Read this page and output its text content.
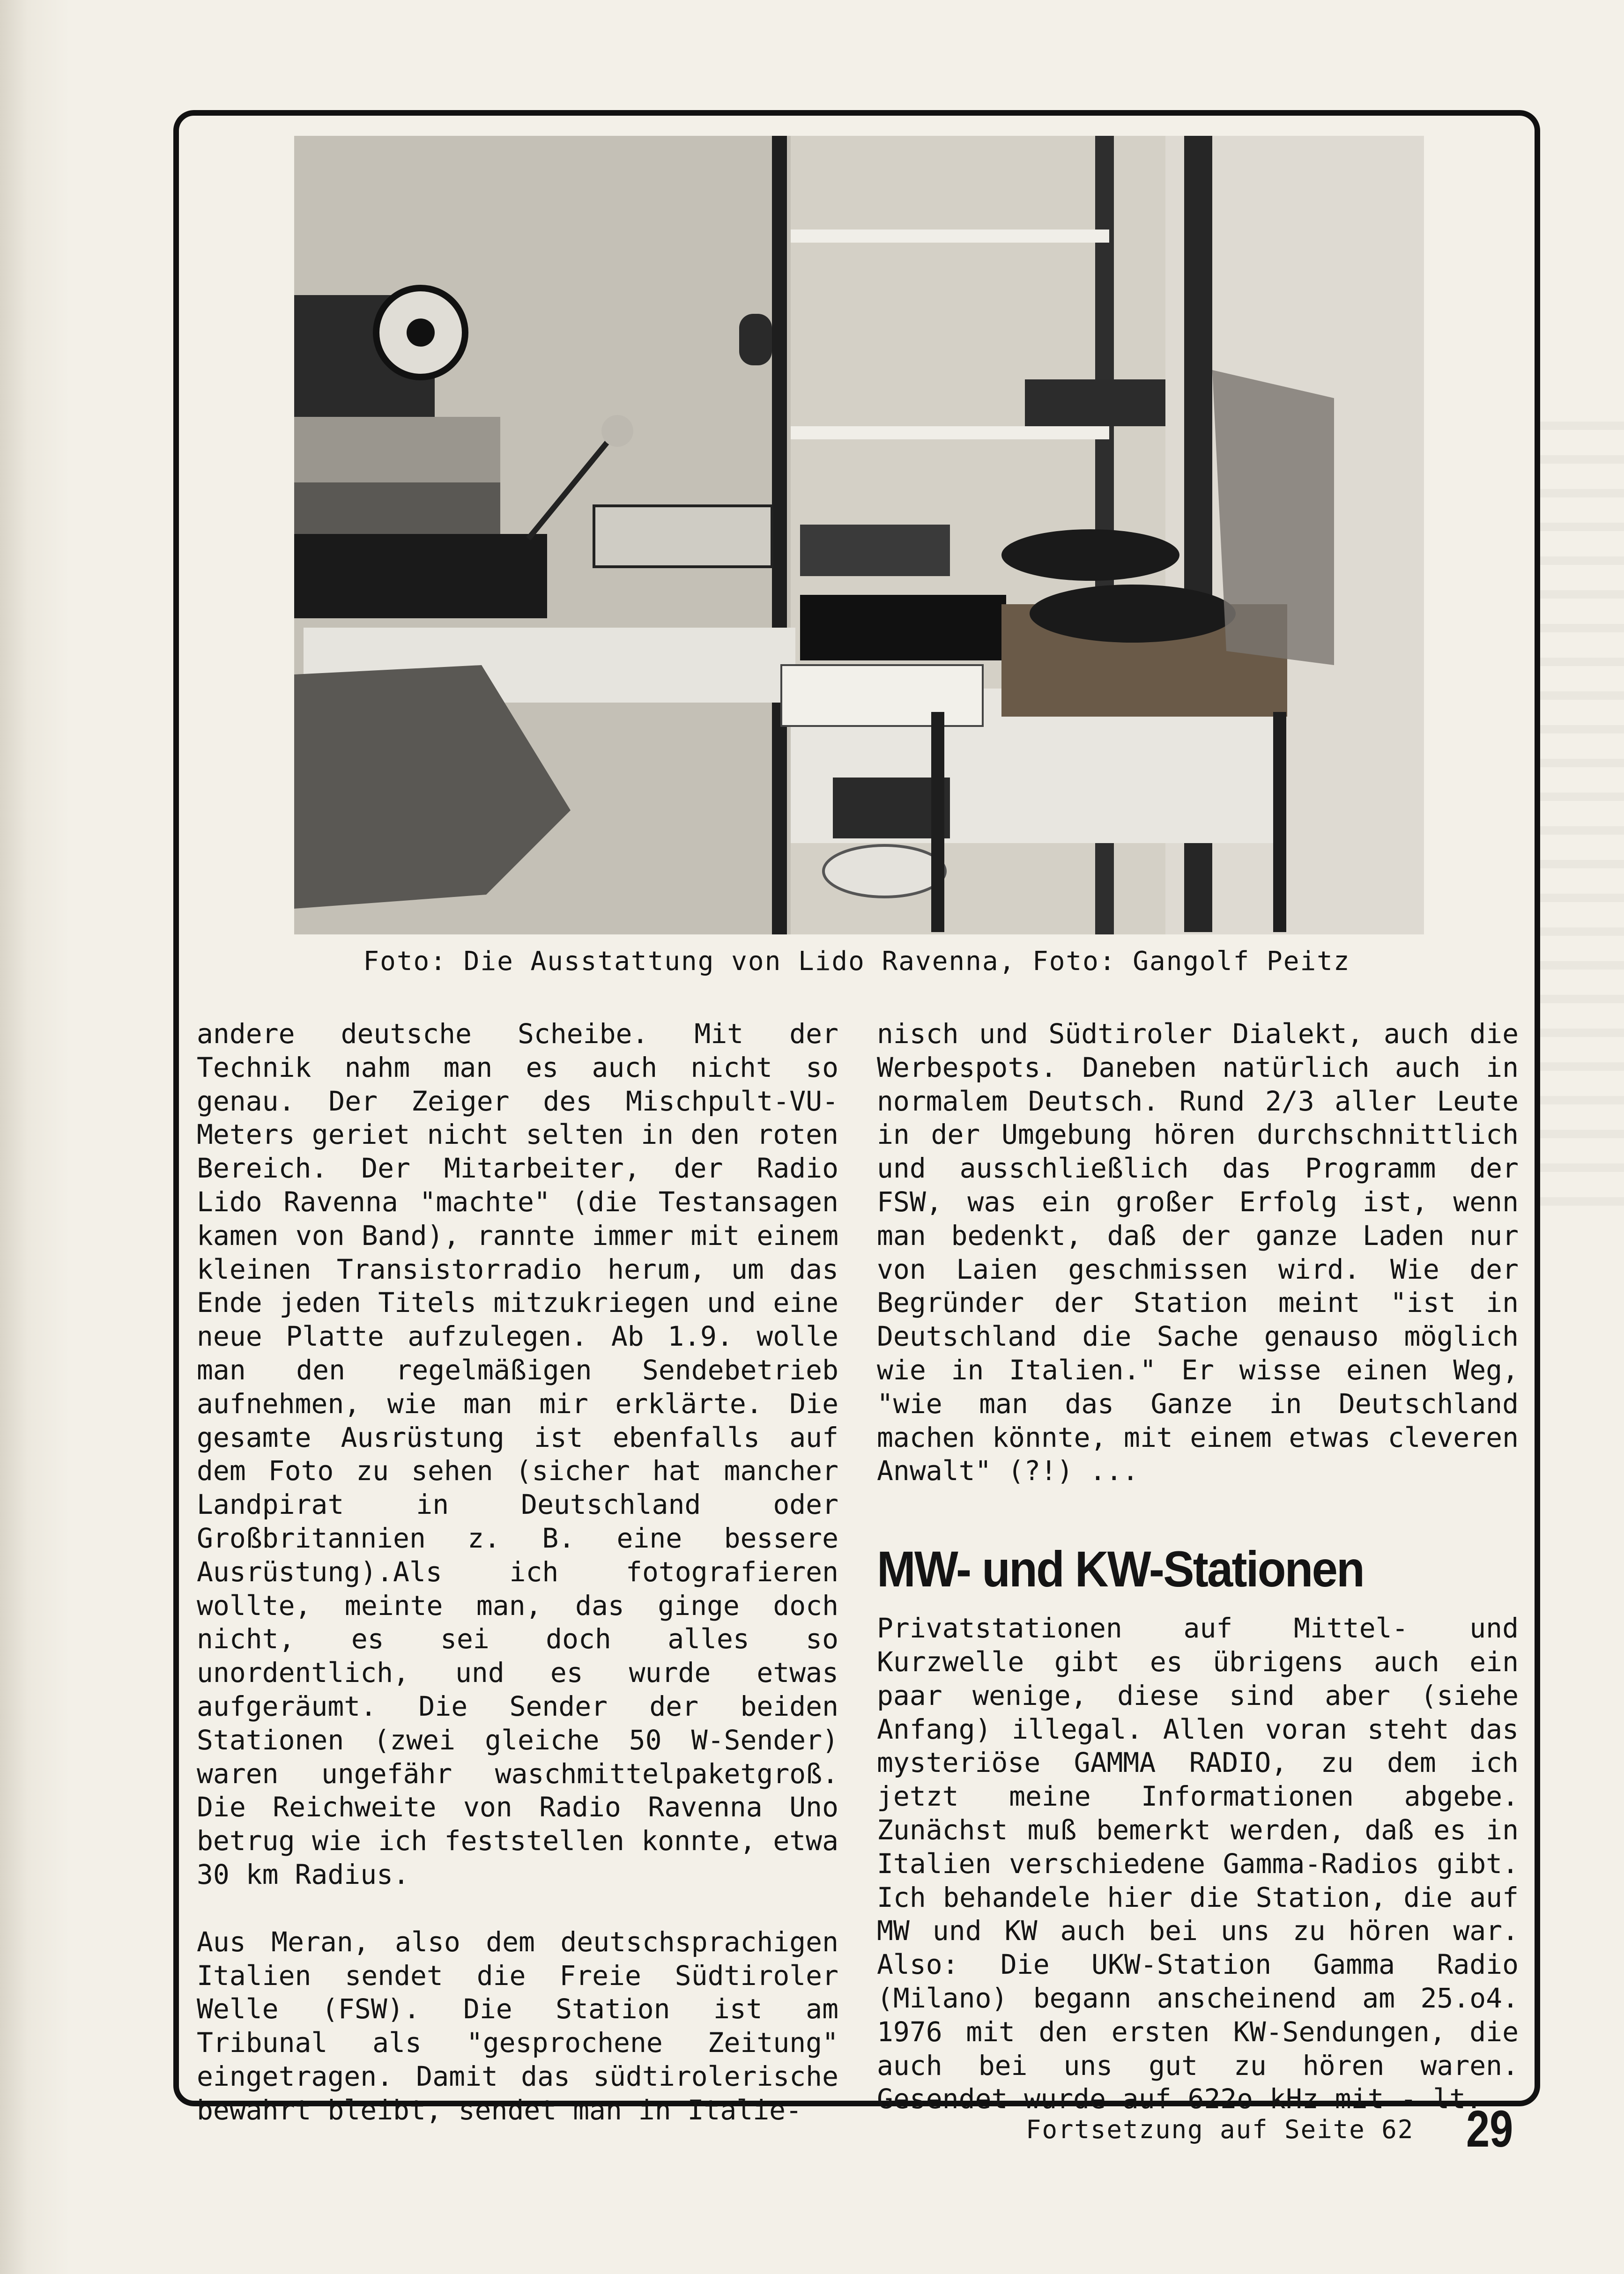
Foto: Die Ausstattung von Lido Ravenna, Foto: Gangolf Peitz

andere deutsche Scheibe. Mit der Technik nahm man es auch nicht so genau. Der Zeiger des Mischpult-VU-Meters geriet nicht selten in den roten Bereich. Der Mitarbeiter, der Radio Lido Ravenna "machte" (die Testansagen kamen von Band), rannte immer mit einem kleinen Transistorradio herum, um das Ende jeden Titels mitzukriegen und eine neue Platte aufzulegen. Ab 1.9. wolle man den regelmäßigen Sendebetrieb aufnehmen, wie man mir erklärte. Die gesamte Ausrüstung ist ebenfalls auf dem Foto zu sehen (sicher hat mancher Landpirat in Deutschland oder Großbritannien z. B. eine bessere Ausrüstung).Als ich fotografieren wollte, meinte man, das ginge doch nicht, es sei doch alles so unordentlich, und es wurde etwas aufgeräumt. Die Sender der beiden Stationen (zwei gleiche 50 W-Sender) waren ungefähr waschmittelpaketgroß. Die Reichweite von Radio Ravenna Uno betrug wie ich feststellen konnte, etwa 30 km Radius.

Aus Meran, also dem deutschsprachigen Italien sendet die Freie Südtiroler Welle (FSW). Die Station ist am Tribunal als "gesprochene Zeitung" eingetragen. Damit das südtirolerische bewahrt bleibt, sendet man in Italie-

nisch und Südtiroler Dialekt, auch die Werbespots. Daneben natürlich auch in normalem Deutsch. Rund 2/3 aller Leute in der Umgebung hören durchschnittlich und ausschließlich das Programm der FSW, was ein großer Erfolg ist, wenn man bedenkt, daß der ganze Laden nur von Laien geschmissen wird. Wie der Begründer der Station meint "ist in Deutschland die Sache genauso möglich wie in Italien." Er wisse einen Weg, "wie man das Ganze in Deutschland machen könnte, mit einem etwas cleveren Anwalt" (?!) ...

MW- und KW-Stationen

Privatstationen auf Mittel- und Kurzwelle gibt es übrigens auch ein paar wenige, diese sind aber (siehe Anfang) illegal. Allen voran steht das mysteriöse GAMMA RADIO, zu dem ich jetzt meine Informationen abgebe. Zunächst muß bemerkt werden, daß es in Italien verschiedene Gamma-Radios gibt. Ich behandele hier die Station, die auf MW und KW auch bei uns zu hören war. Also: Die UKW-Station Gamma Radio (Milano) begann anscheinend am 25.o4. 1976 mit den ersten KW-Sendungen, die auch bei uns gut zu hören waren. Gesendet wurde auf 622o kHz mit - lt.

Fortsetzung auf Seite 62 29
